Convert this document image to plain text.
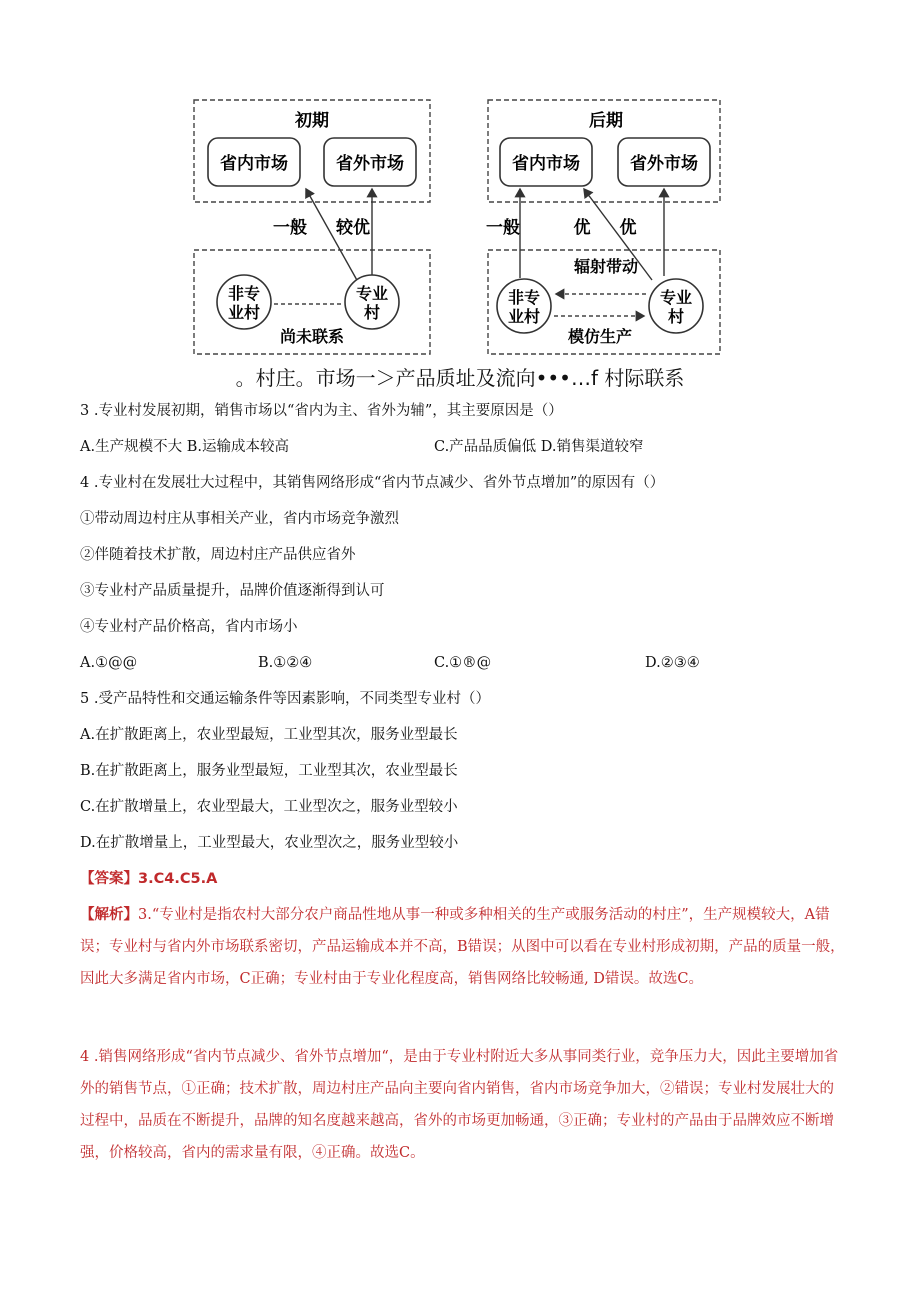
初期
省内市场	省外市场
一般 较优
非专
业村
专业
村
尚未联系
后期
省内市场	省外市场
一般	优 优
辐射带动
非专
业村
专业
村
模仿生产
。村庄。市场一＞产品质址及流向•••…f 村际联系
3 .专业村发展初期，销售市场以“省内为主、省外为辅”，其主要原因是（）
A.生产规模不大 B.运输成本较高	C.产品品质偏低 D.销售渠道较窄
4 .专业村在发展壮大过程中，其销售网络形成“省内节点减少、省外节点增加”的原因有（）
①带动周边村庄从事相关产业，省内市场竞争激烈
②伴随着技术扩散，周边村庄产品供应省外
③专业村产品质量提升，品牌价值逐渐得到认可
④专业村产品价格高，省内市场小
A.①@@	B.①②④	C.①®@	D.②③④
5 .受产品特性和交通运输条件等因素影响，不同类型专业村（）
A.在扩散距离上，农业型最短，工业型其次，服务业型最长
B.在扩散距离上，服务业型最短，工业型其次，农业型最长
C.在扩散增量上，农业型最大，工业型次之，服务业型较小
D.在扩散增量上，工业型最大，农业型次之，服务业型较小
【答案】3.C4.C5.A
【解析】3.“专业村是指农村大部分农户商品性地从事一种或多种相关的生产或服务活动的村庄”，生产规模较大，A错误；专业村与省内外市场联系密切，产品运输成本并不高，B错误；从图中可以看在专业村形成初期，产品的质量一般，因此大多满足省内市场，C正确；专业村由于专业化程度高，销售网络比较畅通, D错误。故选C。
4 .销售网络形成“省内节点减少、省外节点增加“，是由于专业村附近大多从事同类行业，竞争压力大，因此主要增加省外的销售节点，①正确；技术扩散，周边村庄产品向主要向省内销售，省内市场竞争加大，②错误；专业村发展壮大的过程中，品质在不断提升，品牌的知名度越来越高，省外的市场更加畅通，③正确；专业村的产品由于品牌效应不断增强，价格较高，省内的需求量有限，④正确。故选C。
